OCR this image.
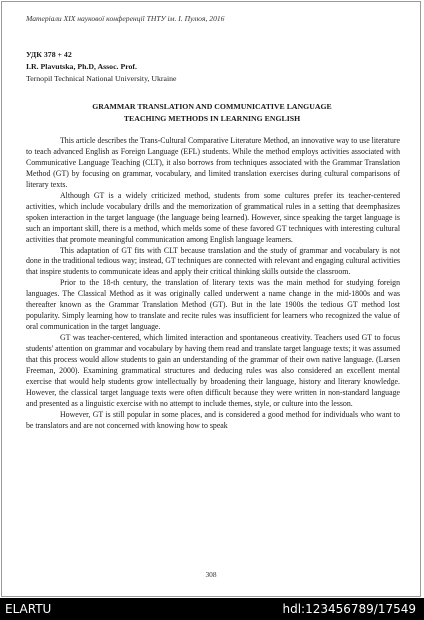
Матеріали ХІХ наукової конференції ТНТУ ім. І. Пулюя, 2016
УДК 378 + 42
I.R. Plavutska, Ph.D, Assoc. Prof.
Ternopil Technical National University, Ukraine
GRAMMAR TRANSLATION AND COMMUNICATIVE LANGUAGE
TEACHING METHODS IN LEARNING ENGLISH

This article describes the Trans-Cultural Comparative Literature Method, an innovative way to use literature to teach advanced English as Foreign Language (EFL) students. While the method employs activities associated with Communicative Language Teaching (CLT), it also borrows from techniques associated with the Grammar Translation Method (GT) by focusing on grammar, vocabulary, and limited translation exercises during cultural comparisons of literary texts.

Although GT is a widely criticized method, students from some cultures prefer its teacher-centered activities, which include vocabulary drills and the memorization of grammatical rules in a setting that deemphasizes spoken interaction in the target language (the language being learned). However, since speaking the target language is such an important skill, there is a method, which melds some of these favored GT techniques with interesting cultural activities that promote meaningful communication among English language learners.

This adaptation of GT fits with CLT because translation and the study of grammar and vocabulary is not done in the traditional tedious way; instead, GT techniques are connected with relevant and engaging cultural activities that inspire students to communicate ideas and apply their critical thinking skills outside the classroom.

Prior to the 18-th century, the translation of literary texts was the main method for studying foreign languages. The Classical Method as it was originally called underwent a name change in the mid-1800s and was thereafter known as the Grammar Translation Method (GT). But in the late 1900s the tedious GT method lost popularity. Simply learning how to translate and recite rules was insufficient for learners who recognized the value of oral communication in the target language.

GT was teacher-centered, which limited interaction and spontaneous creativity. Teachers used GT to focus students' attention on grammar and vocabulary by having them read and translate target language texts; it was assumed that this process would allow students to gain an understanding of the grammar of their own native language. (Larsen Freeman, 2000). Examining grammatical structures and deducing rules was also considered an excellent mental exercise that would help students grow intellectually by broadening their language, history and literary knowledge. However, the classical target language texts were often difficult because they were written in non-standard language and presented as a linguistic exercise with no attempt to include themes, style, or culture into the lesson.

However, GT is still popular in some places, and is considered a good method for individuals who want to be translators and are not concerned with knowing how to speak

308
ELARTU	hdl:123456789/17549
